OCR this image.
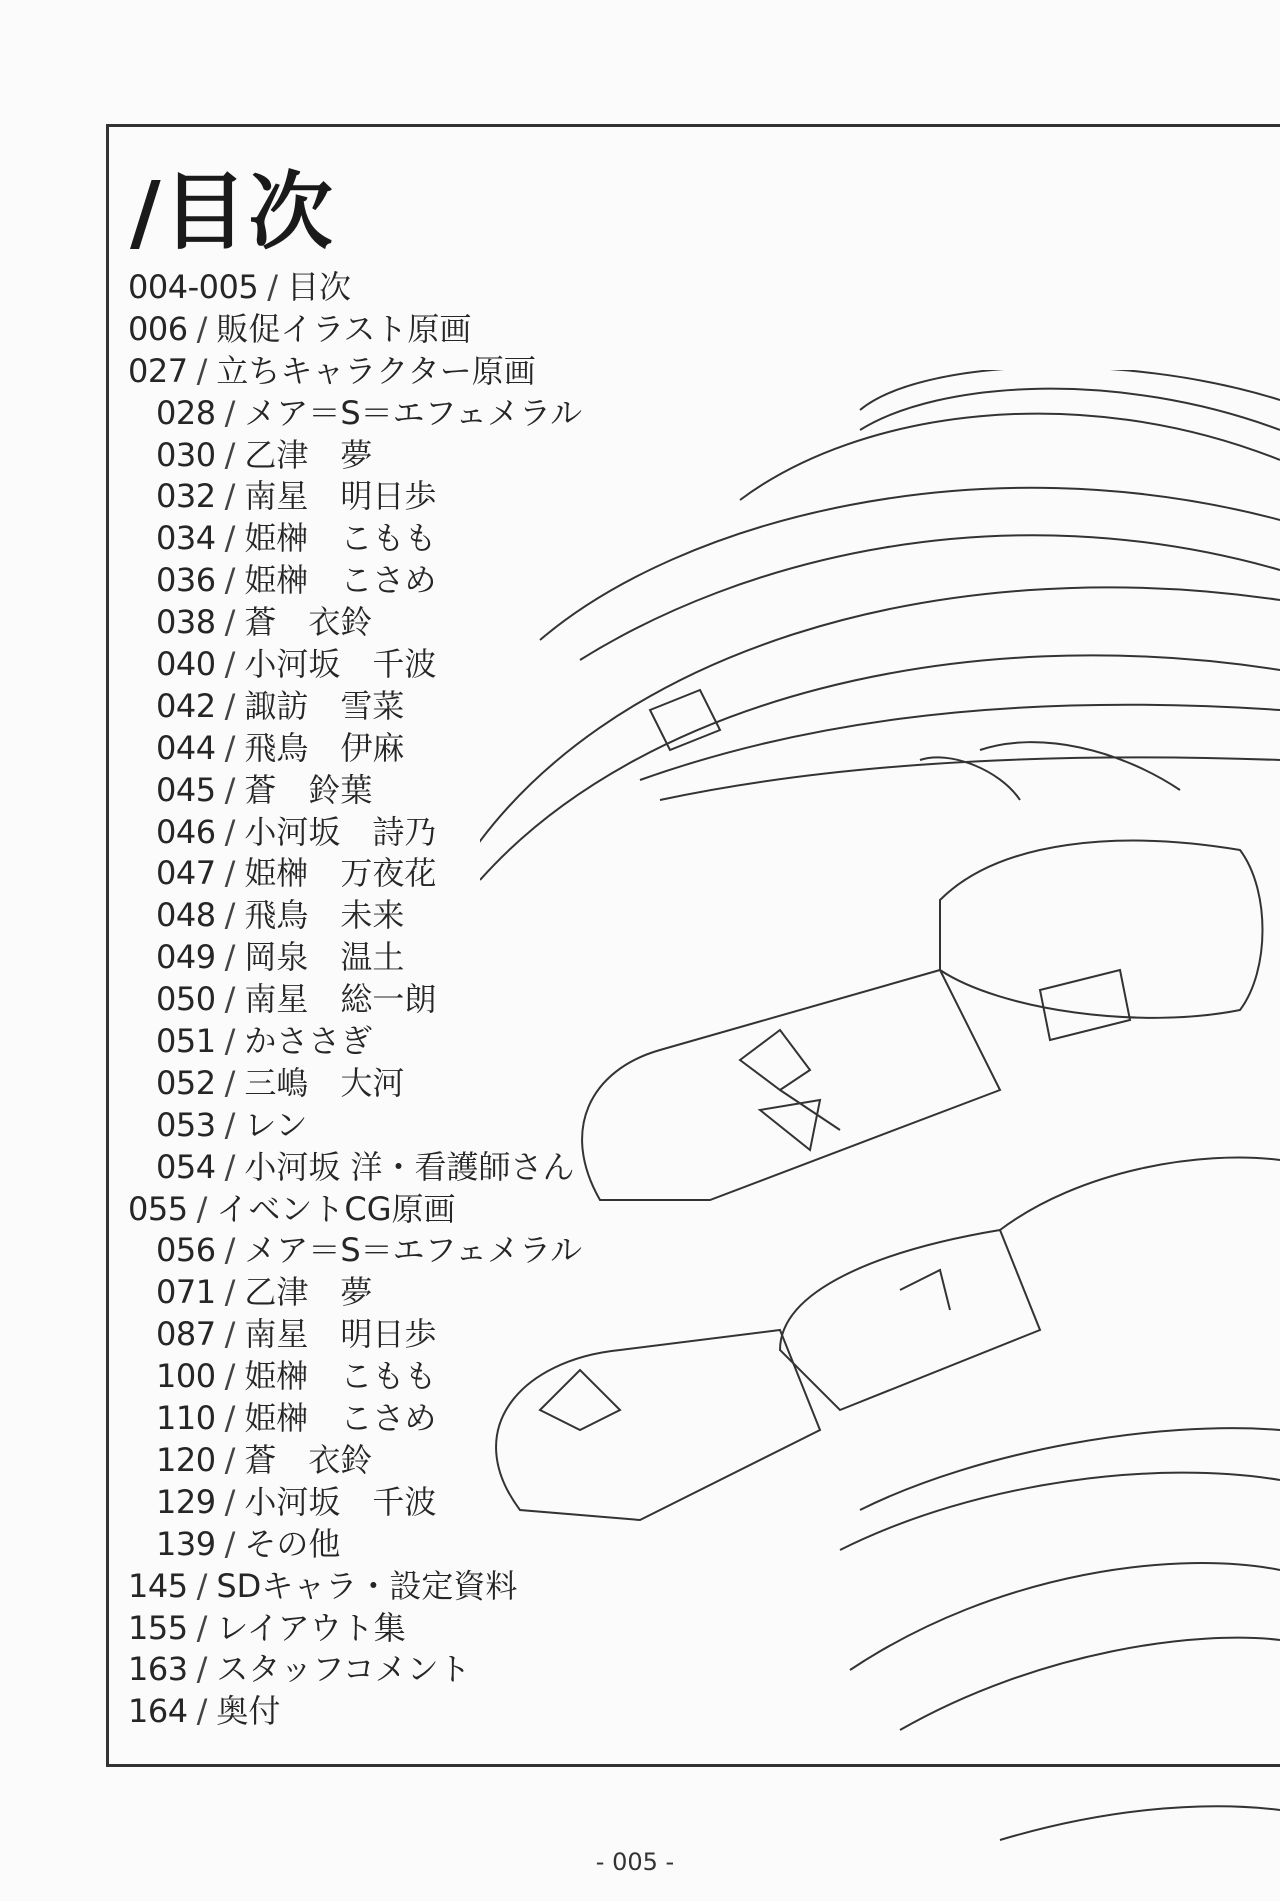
/目次
004-005 / 目次
006 / 販促イラスト原画
027 / 立ちキャラクター原画
028 / メア＝S＝エフェメラル
030 / 乙津　夢
032 / 南星　明日歩
034 / 姫榊　こもも
036 / 姫榊　こさめ
038 / 蒼　衣鈴
040 / 小河坂　千波
042 / 諏訪　雪菜
044 / 飛鳥　伊麻
045 / 蒼　鈴葉
046 / 小河坂　詩乃
047 / 姫榊　万夜花
048 / 飛鳥　未来
049 / 岡泉　温土
050 / 南星　総一朗
051 / かささぎ
052 / 三嶋　大河
053 / レン
054 / 小河坂 洋・看護師さん
055 / イベントCG原画
056 / メア＝S＝エフェメラル
071 / 乙津　夢
087 / 南星　明日歩
100 / 姫榊　こもも
110 / 姫榊　こさめ
120 / 蒼　衣鈴
129 / 小河坂　千波
139 / その他
145 / SDキャラ・設定資料
155 / レイアウト集
163 / スタッフコメント
164 / 奥付
- 005 -
